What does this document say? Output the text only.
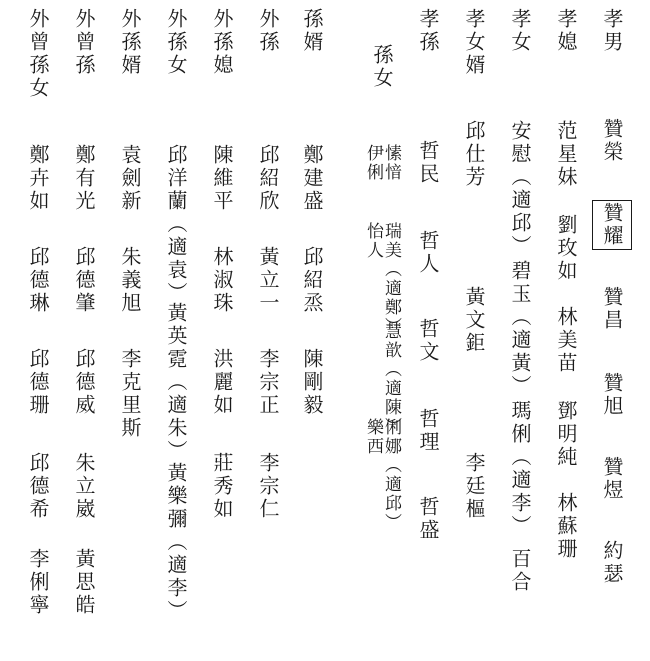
孝男
贊榮
贊耀
贊昌
贊旭
贊煜
約瑟
孝媳
范星妹
劉玫如
林美苗
鄧明純
林蘇珊
孝女
安慰（適邱）
碧玉（適黃）
瑪俐（適李）
百合
孝女婿
邱仕芳
黃文鉅
李廷樞
孝孫
哲民
哲人
哲文
哲理
哲盛
孫女
愫愔
伊俐
瑞美（適鄭）
怡人
慧歆（適陳）
俐娜（適邱）
樂西
孫婿
鄭建盛
邱紹烝
陳剛毅
外孫
邱紹欣
黃立一
李宗正
李宗仁
外孫媳
陳維平
林淑珠
洪麗如
莊秀如
外孫女
邱洋蘭（適袁）
黃英霓（適朱）
黃樂彌（適李）
外孫婿
袁劍新
朱義旭
李克里斯
外曾孫
鄭有光
邱德肇
邱德威
朱立崴
黃思皓
外曾孫女
鄭卉如
邱德琳
邱德珊
邱德希
李俐寧
